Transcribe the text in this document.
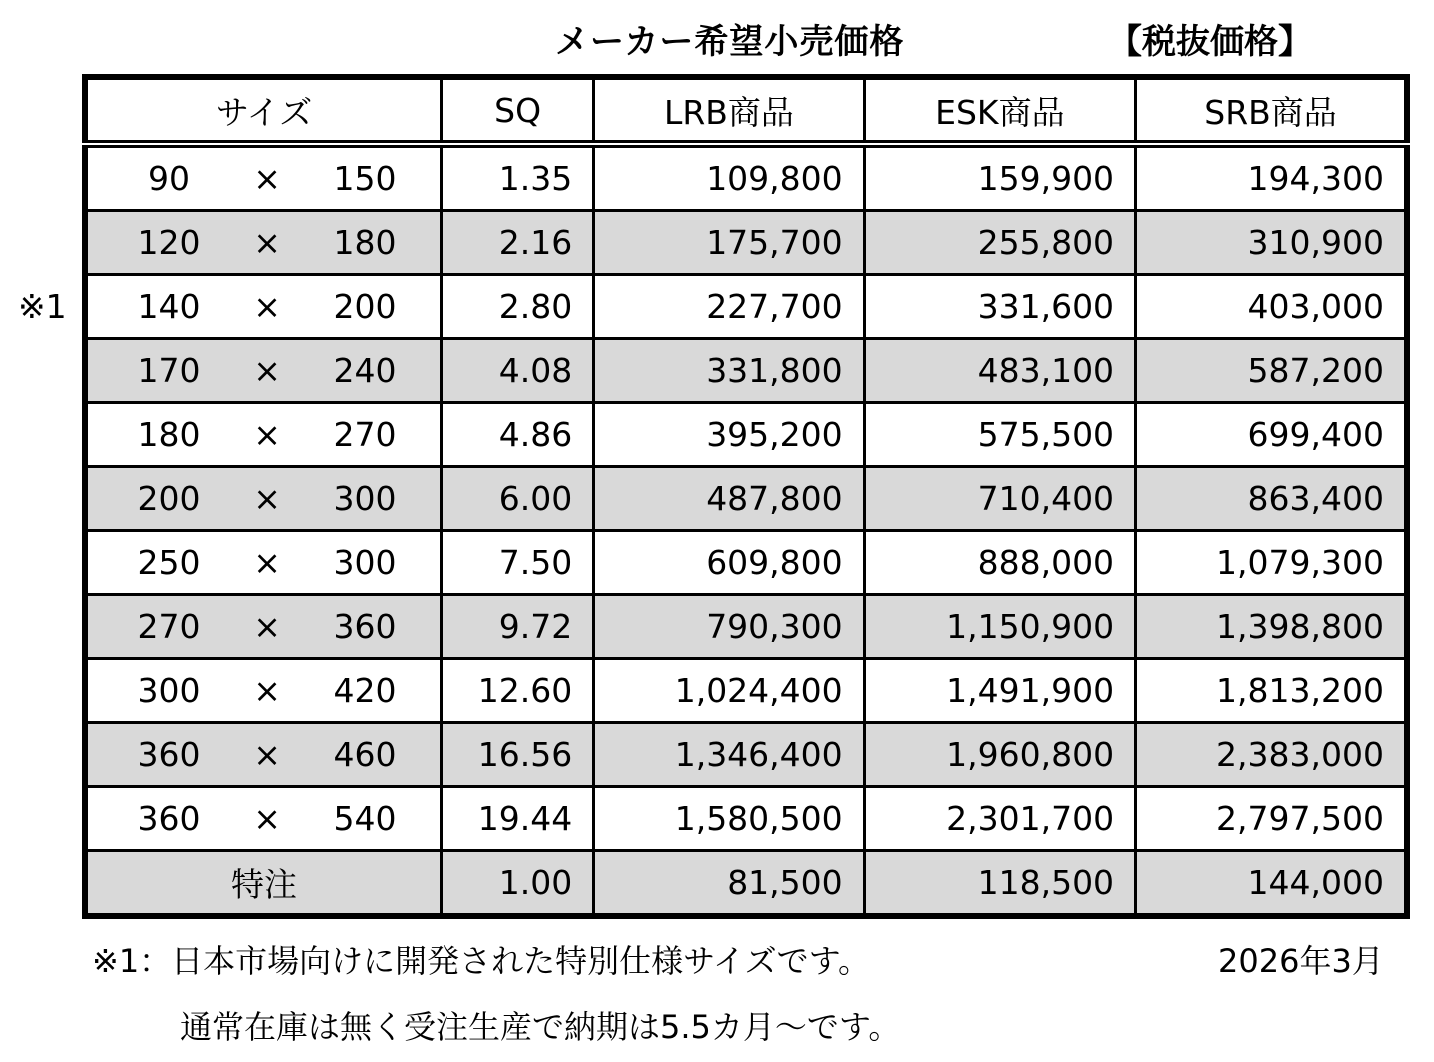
メーカー希望小売価格	【税抜価格】
※1
サイズ	SQ	LRB商品	ESK商品	SRB商品

90 × 150	1.35	109,800	159,900	194,300

120 × 180	2.16	175,700	255,800	310,900

140 × 200	2.80	227,700	331,600	403,000

170 × 240	4.08	331,800	483,100	587,200

180 × 270	4.86	395,200	575,500	699,400

200 × 300	6.00	487,800	710,400	863,400

250 × 300	7.50	609,800	888,000	1,079,300

270 × 360	9.72	790,300	1,150,900	1,398,800

300 × 420	12.60	1,024,400	1,491,900	1,813,200

360 × 460	16.56	1,346,400	1,960,800	2,383,000

360 × 540	19.44	1,580,500	2,301,700	2,797,500
特注	1.00	81,500	118,500	144,000
※1：日本市場向けに開発された特別仕様サイズです。	2026年3月
通常在庫は無く受注生産で納期は5.5カ月～です。
